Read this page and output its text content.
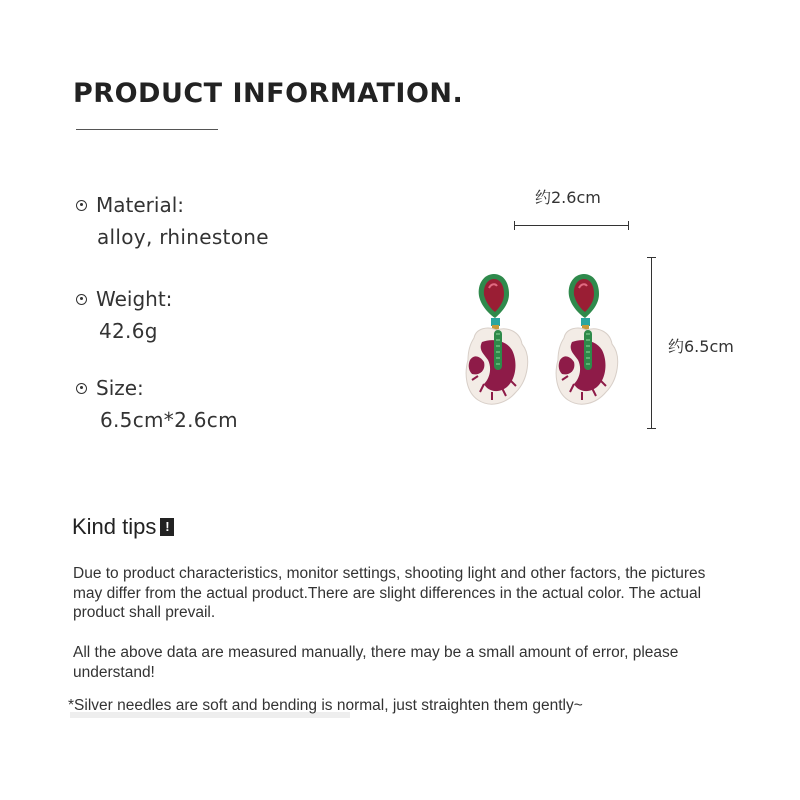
PRODUCT INFORMATION.
Material:
alloy, rhinestone
Weight:
42.6g
Size:
6.5cm*2.6cm
约2.6cm
约6.5cm
Kind tips !
Due to product characteristics, monitor settings, shooting light and other factors, the pictures may differ from the actual product.There are slight differences in the actual color. The actual product shall prevail.
All the above data are measured manually, there may be a small amount of error, please understand!
*Silver needles are soft and bending is normal, just straighten them gently~
